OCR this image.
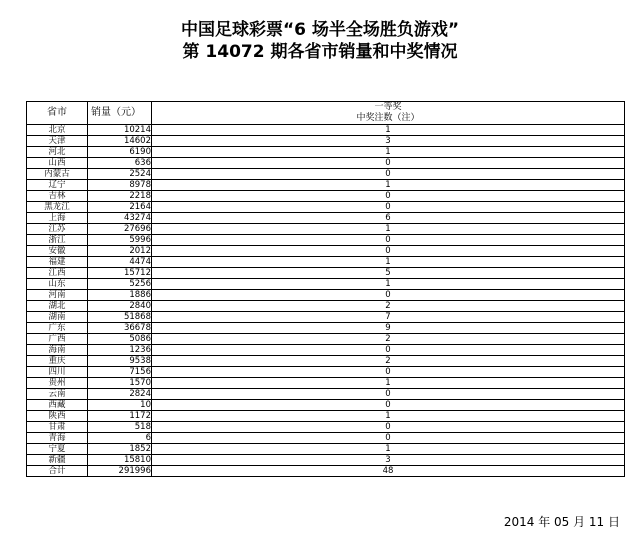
中国足球彩票“6 场半全场胜负游戏”
第 14072 期各省市销量和中奖情况
省市	销量（元）	一等奖
中奖注数（注）

北京	10214	1
天津	14602	3
河北	6190	1
山西	636	0
内蒙古	2524	0
辽宁	8978	1
吉林	2218	0
黑龙江	2164	0
上海	43274	6
江苏	27696	1
浙江	5996	0
安徽	2012	0
福建	4474	1
江西	15712	5
山东	5256	1
河南	1886	0
湖北	2840	2
湖南	51868	7
广东	36678	9
广西	5086	2
海南	1236	0
重庆	9538	2
四川	7156	0
贵州	1570	1
云南	2824	0
西藏	10	0
陕西	1172	1
甘肃	518	0
青海	6	0
宁夏	1852	1
新疆	15810	3
合计	291996	48
2014 年 05 月 11 日
